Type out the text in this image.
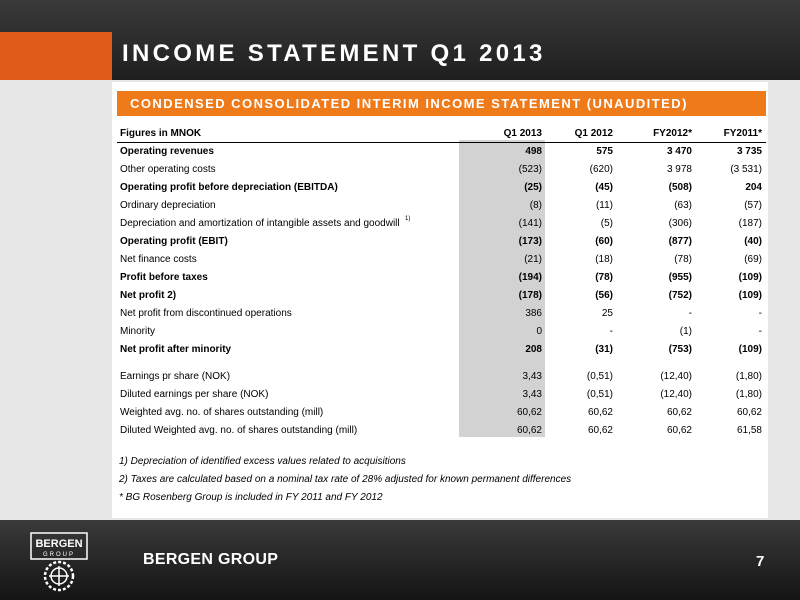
INCOME STATEMENT Q1 2013
CONDENSED CONSOLIDATED INTERIM INCOME STATEMENT (UNAUDITED)
Figures in MNOK	Q1 2013	Q1 2012	FY2012*	FY2011*
Operating revenues	498	575	3 470	3 735
Other operating costs	(523)	(620)	3 978	(3 531)
Operating profit before depreciation (EBITDA)	(25)	(45)	(508)	204
Ordinary depreciation	(8)	(11)	(63)	(57)
Depreciation and amortization of intangible assets and goodwill 1)	(141)	(5)	(306)	(187)
Operating profit (EBIT)	(173)	(60)	(877)	(40)
Net finance costs	(21)	(18)	(78)	(69)
Profit before taxes	(194)	(78)	(955)	(109)
Net profit 2)	(178)	(56)	(752)	(109)
Net profit from discontinued operations	386	25	-	-
Minority	0	-	(1)	-
Net profit after minority	208	(31)	(753)	(109)
Earnings pr share (NOK)	3,43	(0,51)	(12,40)	(1,80)
Diluted earnings per share (NOK)	3,43	(0,51)	(12,40)	(1,80)
Weighted avg. no. of shares outstanding (mill)	60,62	60,62	60,62	60,62
Diluted Weighted avg. no. of shares outstanding (mill)	60,62	60,62	60,62	61,58
1) Depreciation of identified excess values related to acquisitions
2) Taxes are calculated based on a nominal tax rate of 28% adjusted for known permanent differences
* BG Rosenberg Group is included in FY 2011 and FY 2012
BERGEN
GROUP	BERGEN GROUP	7
